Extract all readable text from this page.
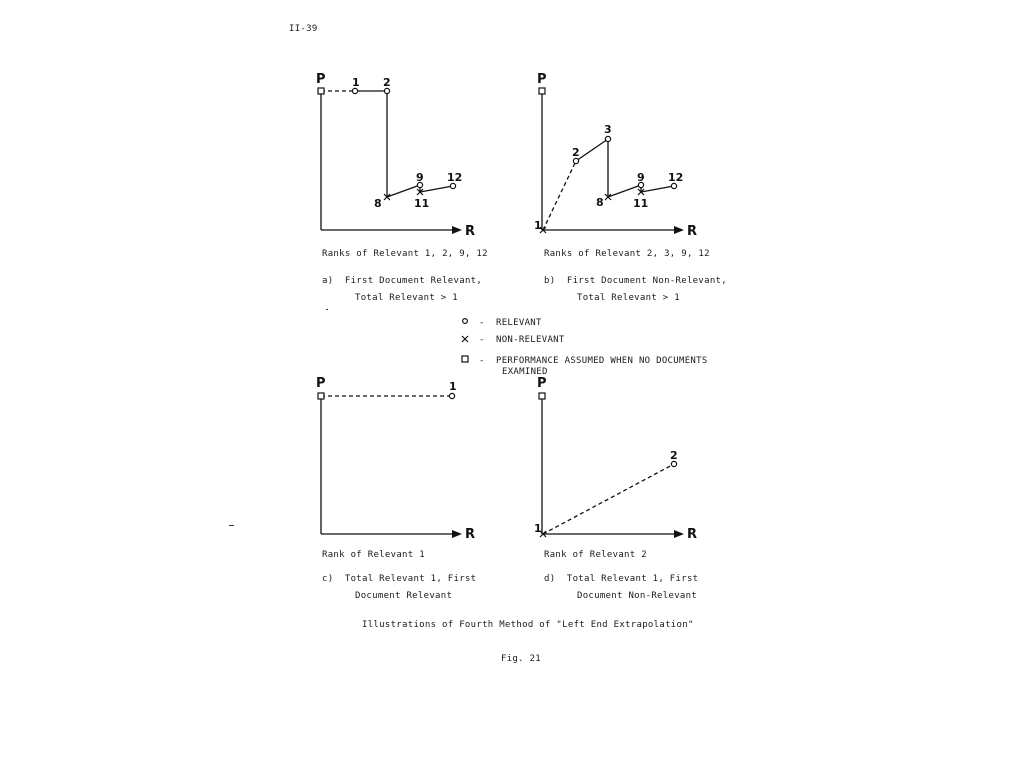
II-39
P
R
1 2
8
9
11
12
P
R
1
2
3
8
9
11
12
P
R
1	P
R
1
2
Ranks of Relevant 1, 2, 9, 12
a)  First Document Relevant,
Total Relevant > 1
Ranks of Relevant 2, 3, 9, 12
b)  First Document Non-Relevant,
Total Relevant > 1
- RELEVANT
- NON-RELEVANT
- PERFORMANCE ASSUMED WHEN NO DOCUMENTS
EXAMINED
Rank of Relevant 1
c)  Total Relevant 1, First
Document Relevant
Rank of Relevant 2
d)  Total Relevant 1, First
Document Non-Relevant
Illustrations of Fourth Method of "Left End Extrapolation"
Fig. 21
